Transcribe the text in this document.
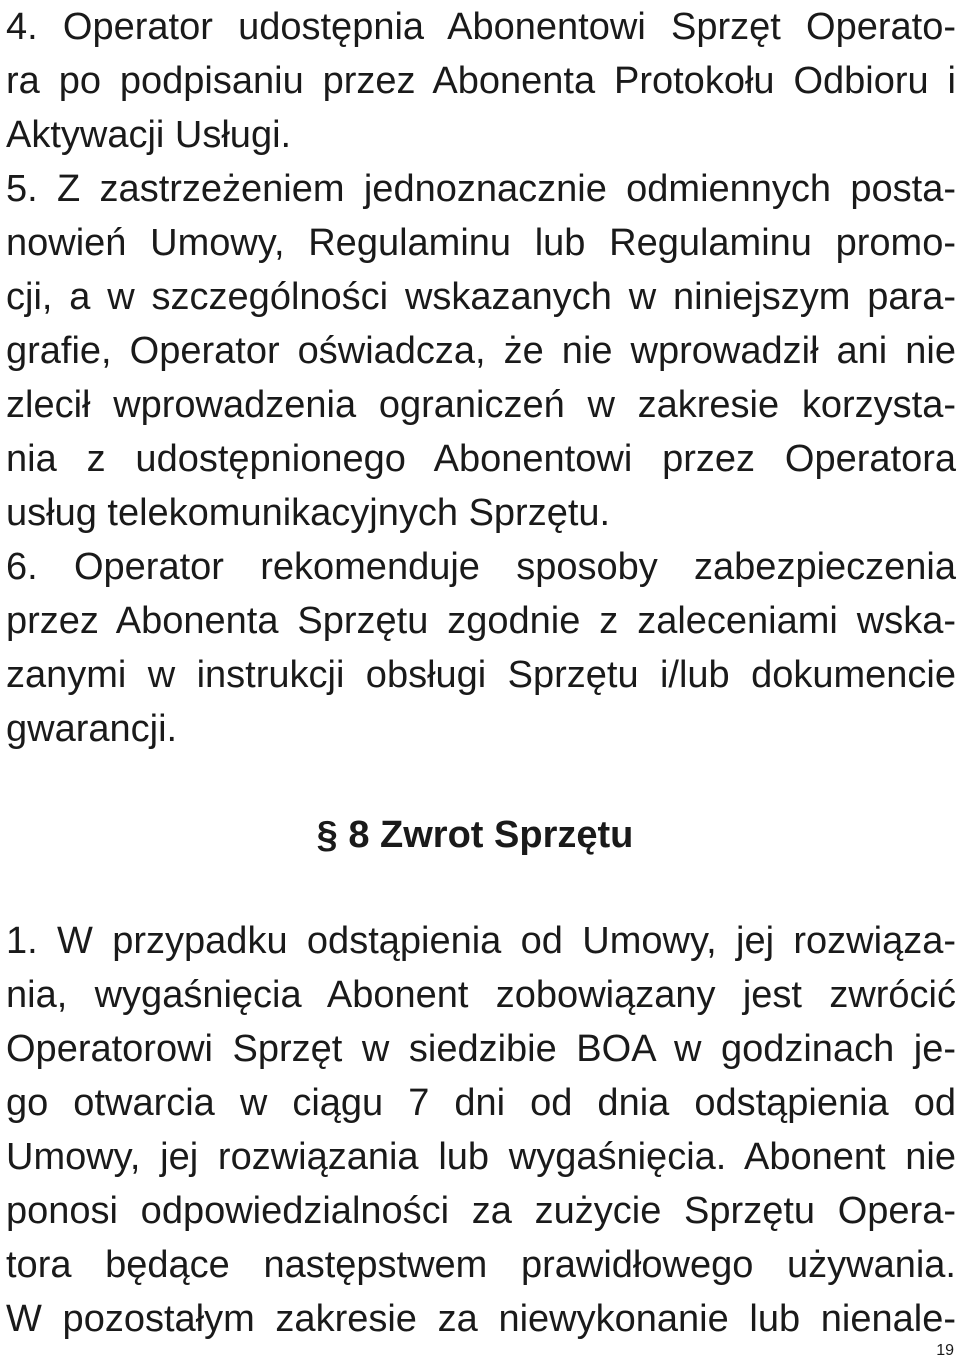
4. Operator udostępnia Abonentowi Sprzęt Operato-
ra po podpisaniu przez Abonenta Protokołu Odbioru i
Aktywacji Usługi.
5. Z zastrzeżeniem jednoznacznie odmiennych posta-
nowień Umowy, Regulaminu lub Regulaminu promo-
cji, a w szczególności wskazanych w niniejszym para-
grafie, Operator oświadcza, że nie wprowadził ani nie
zlecił wprowadzenia ograniczeń w zakresie korzysta-
nia z udostępnionego Abonentowi przez Operatora
usług telekomunikacyjnych Sprzętu.
6. Operator rekomenduje sposoby zabezpieczenia
przez Abonenta Sprzętu zgodnie z zaleceniami wska-
zanymi w instrukcji obsługi Sprzętu i/lub dokumencie
gwarancji.
§ 8 Zwrot Sprzętu
1. W przypadku odstąpienia od Umowy, jej rozwiąza-
nia, wygaśnięcia Abonent zobowiązany jest zwrócić
Operatorowi Sprzęt w siedzibie BOA w godzinach je-
go otwarcia w ciągu 7 dni od dnia odstąpienia od
Umowy, jej rozwiązania lub wygaśnięcia. Abonent nie
ponosi odpowiedzialności za zużycie Sprzętu Opera-
tora będące następstwem prawidłowego używania.
W pozostałym zakresie za niewykonanie lub nienale-
19
